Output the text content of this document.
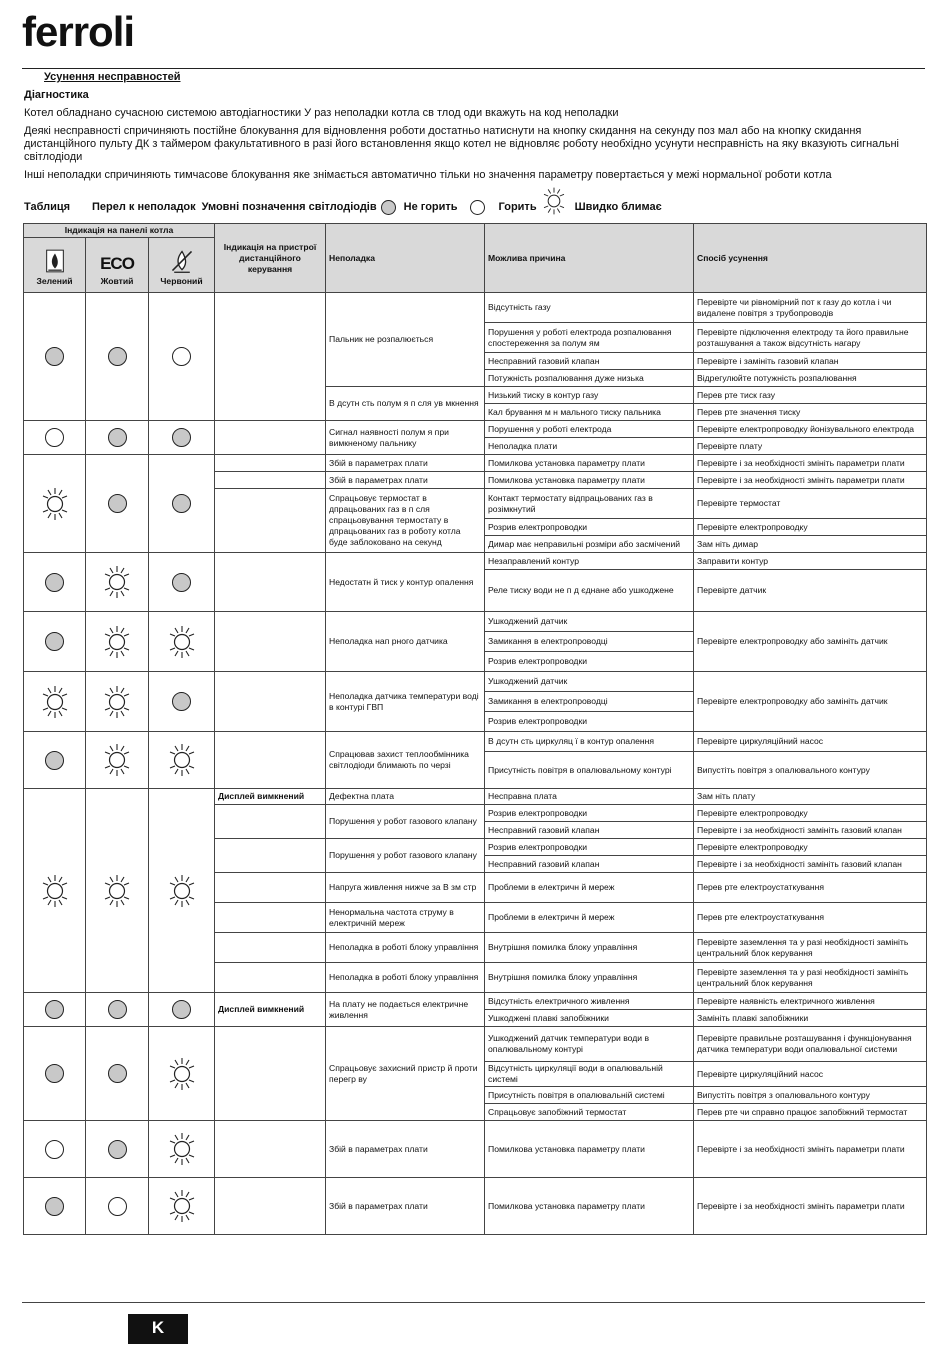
ferroli
Усунення несправностей
Діагностика
Котел обладнано сучасною системою автодіагностики У раз неполадки котла св тлод оди вкажуть на код неполадки
Деякі несправності спричиняють постійне блокування для відновлення роботи достатньо натиснути на кнопку скидання на секунду поз мал або на кнопку скидання дистанційного пульту ДК з таймером факультативного в разі його встановлення якщо котел не відновляє роботу необхідно усунути несправність на яку вказують сигнальні світлодіоди
Інші неполадки спричиняють тимчасове блокування яке знімається автоматично тільки но значення параметру повертається у межі нормальної роботи котла
Таблиця Перел к неполадок Умовні позначення світлодіодів Не горить	Горить	Швидко блимає
Індикація на панелі котла			Індикація на пристрої дистанційного керування	Неполадка	Можлива причина	Спосіб усунення

Зелений	ECO
Жовтий	Червоний				
				Пальник не розпалюється	Відсутність газу	Перевірте чи рівномірний пот к газу до котла і чи видалене повітря з трубопроводів
					Порушення у роботі електрода розпалювання спостереження за полум ям	Перевірте підключення електроду та його правильне розташування а також відсутність нагару
					Несправний газовий клапан	Перевірте і замініть газовий клапан
					Потужність розпалювання дуже низька	Відрегулюйте потужність розпалювання
				В дсутн сть полум я п сля ув мкнення	Низький тиску в контур газу	Перев рте тиск газу
					Кал брування м н мального тиску пальника	Перев рте значення тиску
				Сигнал наявності полум я при вимкненому пальнику	Порушення у роботі електрода	Перевірте електропроводку йонізувального електрода
					Неполадка плати	Перевірте плату
				Збій в параметрах плати	Помилкова установка параметру плати	Перевірте і за необхідності змініть параметри плати
				Збій в параметрах плати	Помилкова установка параметру плати	Перевірте і за необхідності змініть параметри плати
				Спрацьовує термостат в дпрацьованих газ в п сля спрацьовування термостату в дпрацьованих газ в роботу котла буде заблоковано на секунд	Контакт термостату відпрацьованих газ в розімкнутий	Перевірте термостат
					Розрив електропроводки	Перевірте електропроводку
					Димар має неправильні розміри або засмічений	Зам ніть димар
				Недостатн й тиск у контур опалення	Незаправлений контур	Заправити контур
					Реле тиску води не п д єднане або ушкоджене	Перевірте датчик
				Неполадка нап рного датчика	Ушкоджений датчик	Перевірте електропроводку або замініть датчик
					Замикання в електропроводці	
					Розрив електропроводки	
				Неполадка датчика температури воді в контурі ГВП	Ушкоджений датчик	Перевірте електропроводку або замініть датчик
					Замикання в електропроводці	
					Розрив електропроводки	
				Спрацював захист теплообмінника світлодіоди блимають по черзі	В дсутн сть циркуляц ї в контур опалення	Перевірте циркуляційний насос
					Присутність повітря в опалювальному контурі	Випустіть повітря з опалювального контуру
			Дисплей вимкнений	Дефектна плата	Несправна плата	Зам ніть плату
				Порушення у робот газового клапану	Розрив електропроводки	Перевірте електропроводку
					Несправний газовий клапан	Перевірте і за необхідності замініть газовий клапан
				Порушення у робот газового клапану	Розрив електропроводки	Перевірте електропроводку
					Несправний газовий клапан	Перевірте і за необхідності замініть газовий клапан
				Напруга живлення нижче за В зм стр	Проблеми в електричн й мереж	Перев рте електроустаткування
				Ненормальна частота струму в електричній мереж	Проблеми в електричн й мереж	Перев рте електроустаткування
				Неполадка в роботі блоку управління	Внутрішня помилка блоку управління	Перевірте заземлення та у разі необхідності замініть центральний блок керування
				Неполадка в роботі блоку управління	Внутрішня помилка блоку управління	Перевірте заземлення та у разі необхідності замініть центральний блок керування
			Дисплей вимкнений	На плату не подається електричне живлення	Відсутність електричного живлення	Перевірте наявність електричного живлення
					Ушкоджені плавкі запобіжники	Замініть плавкі запобіжники
				Спрацьовує захисний пристр й проти перегр ву	Ушкоджений датчик температури води в опалювальному контурі	Перевірте правильне розташування і функціонування датчика температури води опалювальної системи
					Відсутність циркуляції води в опалювальній системі	Перевірте циркуляційний насос
					Присутність повітря в опалювальній системі	Випустіть повітря з опалювального контуру
					Спрацьовує запобіжний термостат	Перев рте чи справно працює запобіжний термостат
				Збій в параметрах плати	Помилкова установка параметру плати	Перевірте і за необхідності змініть параметри плати
				Збій в параметрах плати	Помилкова установка параметру плати	Перевірте і за необхідності змініть параметри плати
K
